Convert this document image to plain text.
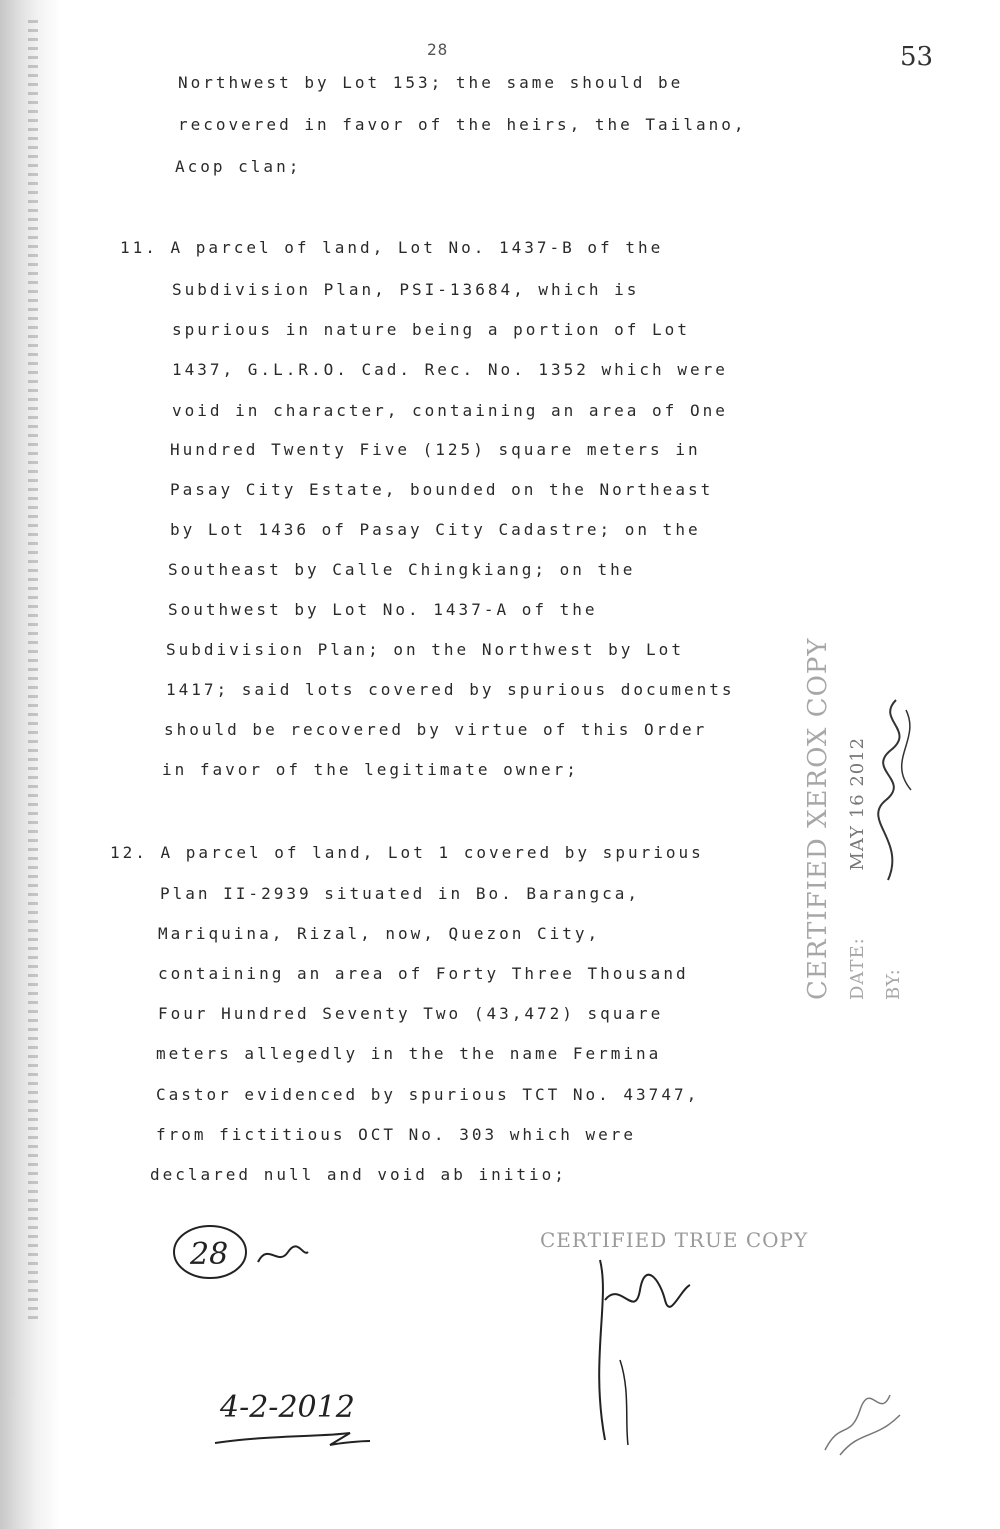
28	53
Northwest by Lot 153; the same should be
recovered in favor of the heirs, the Tailano,
Acop clan;
11. A parcel of land, Lot No. 1437-B of the
Subdivision Plan, PSI-13684, which is
spurious in nature being a portion of Lot
1437, G.L.R.O. Cad. Rec. No. 1352 which were
void in character, containing an area of One
Hundred Twenty Five (125) square meters in
Pasay City Estate, bounded on the Northeast
by Lot 1436 of Pasay City Cadastre; on the
Southeast by Calle Chingkiang; on the
Southwest by Lot No. 1437-A of the
Subdivision Plan; on the Northwest by Lot
1417; said lots covered by spurious documents
should be recovered by virtue of this Order
in favor of the legitimate owner;
12. A parcel of land, Lot 1 covered by spurious
Plan II-2939 situated in Bo. Barangca,
Mariquina, Rizal, now, Quezon City,
containing an area of Forty Three Thousand
Four Hundred Seventy Two (43,472) square
meters allegedly in the the name Fermina
Castor evidenced by spurious TCT No. 43747,
from fictitious OCT No. 303 which were
declared null and void ab initio;
CERTIFIED XEROX COPY DATE: MAY 16 2012
BY:
CERTIFIED TRUE COPY
28
4-2-2012
